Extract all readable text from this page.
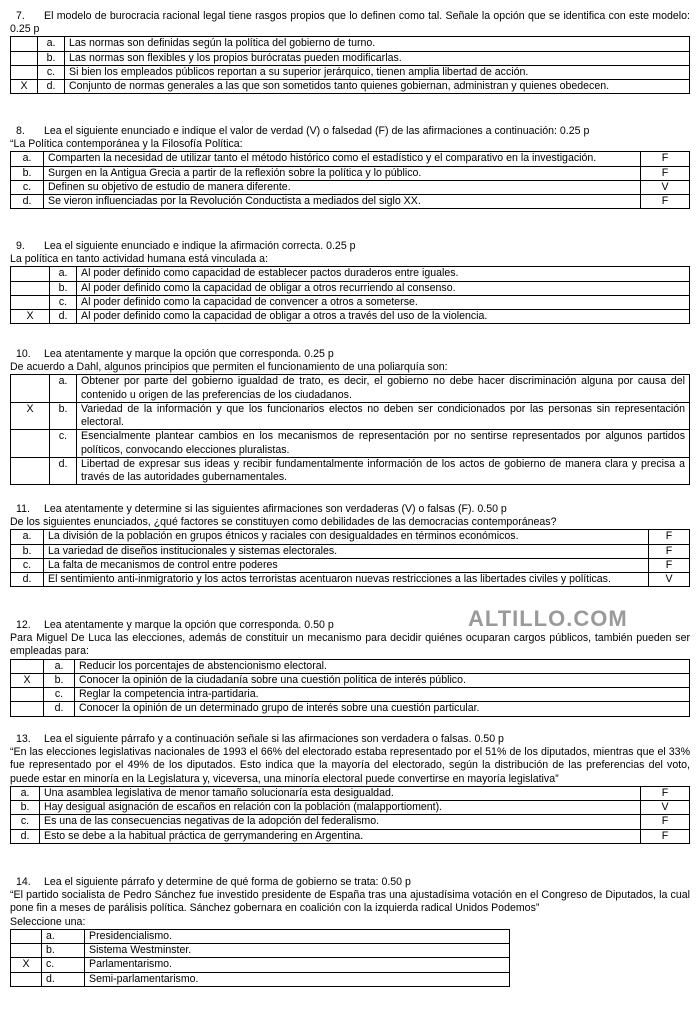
ALTILLO.COM
7. El modelo de burocracia racional legal tiene rasgos propios que lo definen como tal. Señale la opción que se identifica con este modelo: 0.25 p
	a.	Las normas son definidas según la política del gobierno de turno.
	b.	Las normas son flexibles y los propios burócratas pueden modificarlas.
	c.	Si bien los empleados públicos reportan a su superior jerárquico, tienen amplia libertad de acción.
X	d.	Conjunto de normas generales a las que son sometidos tanto quienes gobiernan, administran y quienes obedecen.
8. Lea el siguiente enunciado e indique el valor de verdad (V) o falsedad (F) de las afirmaciones a continuación: 0.25 p
“La Política contemporánea y la Filosofía Política:
a.	Comparten la necesidad de utilizar tanto el método histórico como el estadístico y el comparativo en la investigación.	F
b.	Surgen en la Antigua Grecia a partir de la reflexión sobre la política y lo público.	F
c.	Definen su objetivo de estudio de manera diferente.	V
d.	Se vieron influenciadas por la Revolución Conductista a mediados del siglo XX.	F
9. Lea el siguiente enunciado e indique la afirmación correcta. 0.25 p
La política en tanto actividad humana está vinculada a:
	a.	Al poder definido como capacidad de establecer pactos duraderos entre iguales.
	b.	Al poder definido como la capacidad de obligar a otros recurriendo al consenso.
	c.	Al poder definido como la capacidad de convencer a otros a someterse.
X	d.	Al poder definido como la capacidad de obligar a otros a través del uso de la violencia.
10. Lea atentamente y marque la opción que corresponda. 0.25 p
De acuerdo a Dahl, algunos principios que permiten el funcionamiento de una poliarquía son:
	a.	Obtener por parte del gobierno igualdad de trato, es decir, el gobierno no debe hacer discriminación alguna por causa del contenido u origen de las preferencias de los ciudadanos.
X	b.	Variedad de la información y que los funcionarios electos no deben ser condicionados por las personas sin representación electoral.
	c.	Esencialmente plantear cambios en los mecanismos de representación por no sentirse representados por algunos partidos políticos, convocando elecciones pluralistas.
	d.	Libertad de expresar sus ideas y recibir fundamentalmente información de los actos de gobierno de manera clara y precisa a través de las autoridades gubernamentales.
11. Lea atentamente y determine si las siguientes afirmaciones son verdaderas (V) o falsas (F). 0.50 p
De los siguientes enunciados, ¿qué factores se constituyen como debilidades de las democracias contemporáneas?
a.	La división de la población en grupos étnicos y raciales con desigualdades en términos económicos.	F
b.	La variedad de diseños institucionales y sistemas electorales.	F
c.	La falta de mecanismos de control entre poderes	F
d.	El sentimiento anti-inmigratorio y los actos terroristas acentuaron nuevas restricciones a las libertades civiles y políticas.	V
12. Lea atentamente y marque la opción que corresponda. 0.50 p
Para Miguel De Luca las elecciones, además de constituir un mecanismo para decidir quiénes ocuparan cargos públicos, también pueden ser empleadas para:
	a.	Reducir los porcentajes de abstencionismo electoral.
X	b.	Conocer la opinión de la ciudadanía sobre una cuestión política de interés público.
	c.	Reglar la competencia intra-partidaria.
	d.	Conocer la opinión de un determinado grupo de interés sobre una cuestión particular.
13. Lea el siguiente párrafo y a continuación señale si las afirmaciones son verdadera o falsas. 0.50 p
“En las elecciones legislativas nacionales de 1993 el 66% del electorado estaba representado por el 51% de los diputados, mientras que el 33% fue representado por el 49% de los diputados. Esto indica que la mayoría del electorado, según la distribución de las preferencias del voto, puede estar en minoría en la Legislatura y, viceversa, una minoría electoral puede convertirse en mayoría legislativa”
a.	Una asamblea legislativa de menor tamaño solucionaría esta desigualdad.	F
b.	Hay desigual asignación de escaños en relación con la población (malapportioment).	V
c.	Es una de las consecuencias negativas de la adopción del federalismo.	F
d.	Esto se debe a la habitual práctica de gerrymandering en Argentina.	F
14. Lea el siguiente párrafo y determine de qué forma de gobierno se trata: 0.50 p
“El partido socialista de Pedro Sánchez fue investido presidente de España tras una ajustadísima votación en el Congreso de Diputados, la cual pone fin a meses de parálisis política. Sánchez gobernara en coalición con la izquierda radical Unidos Podemos”
Seleccione una:
	a.	Presidencialismo.
	b.	Sistema Westminster.
X	c.	Parlamentarismo.
	d.	Semi-parlamentarismo.
